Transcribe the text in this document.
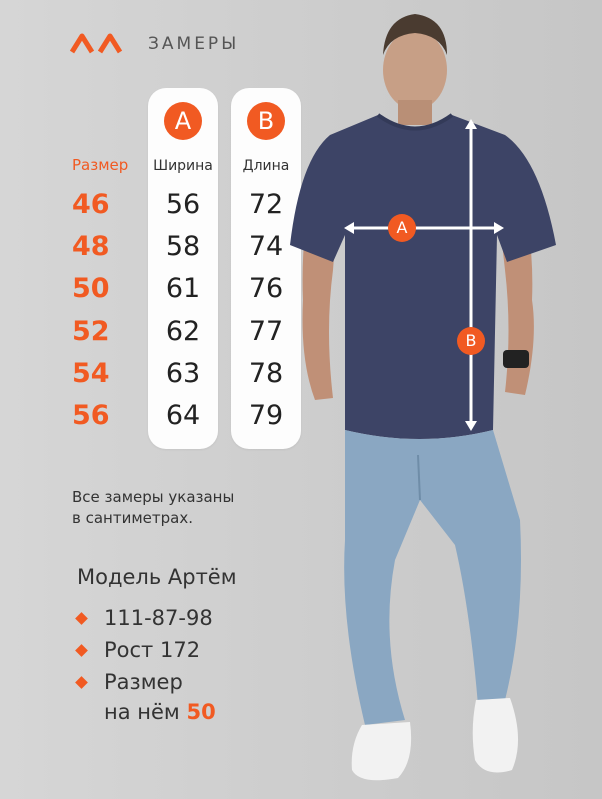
ЗАМЕРЫ
Размер
46
48
50
52
54
56
A
Ширина
56
58
61
62
63
64
B
Длина
72
74
76
77
78
79
Все замеры указаны
в сантиметрах.
Модель Артём
111-87-98
Рост 172
Размер
на нём 50
A
B
